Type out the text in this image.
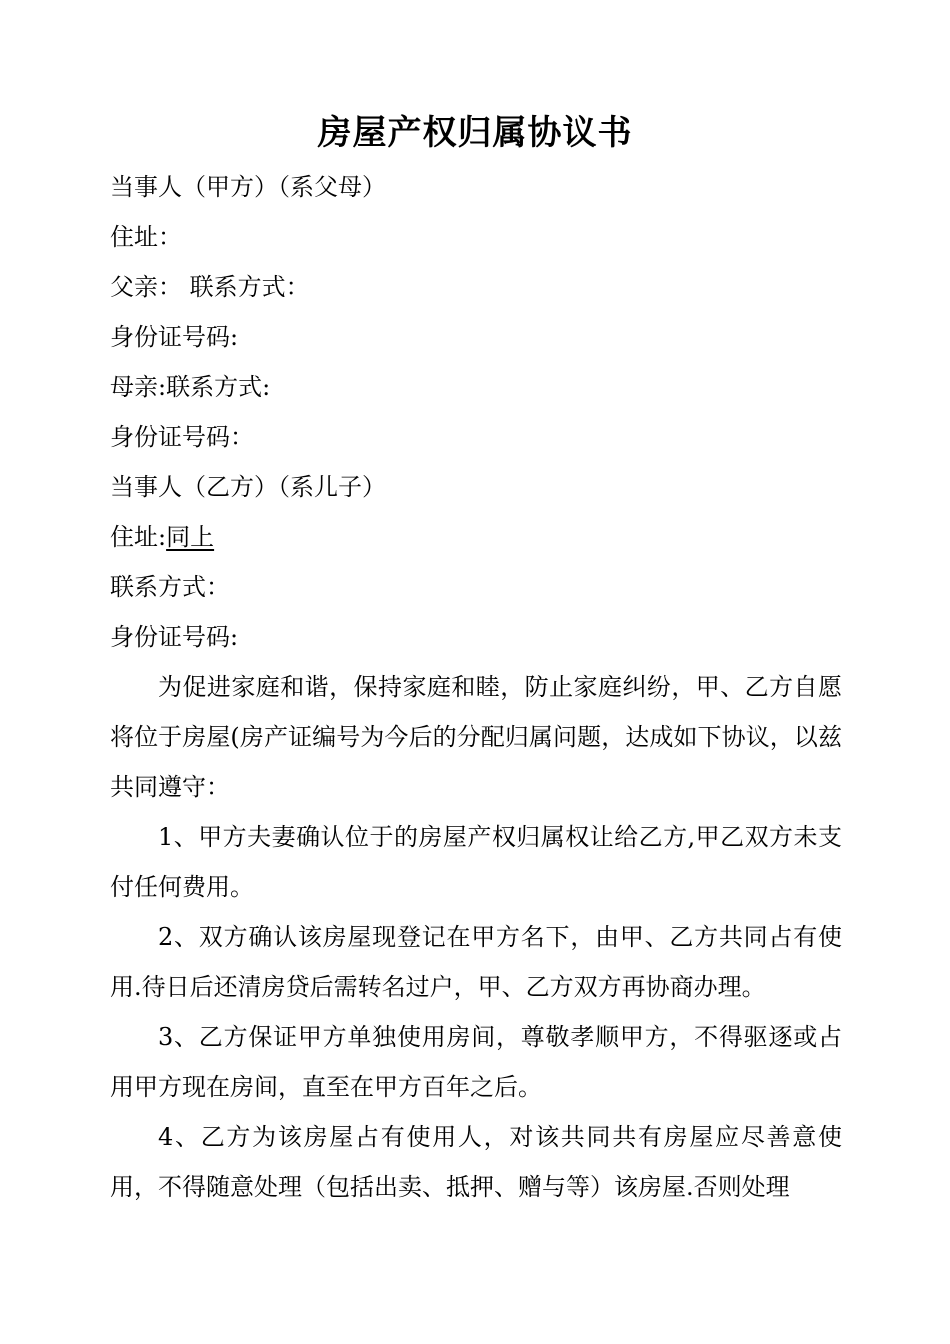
房屋产权归属协议书

当事人（甲方）（系父母）

住址：

父亲： 联系方式：

身份证号码:

母亲:联系方式:

身份证号码：

当事人（乙方）（系儿子）

住址:同上

联系方式：

身份证号码:

为促进家庭和谐，保持家庭和睦，防止家庭纠纷，甲、乙方自愿将位于房屋(房产证编号为今后的分配归属问题，达成如下协议，以兹共同遵守：

1、甲方夫妻确认位于的房屋产权归属权让给乙方,甲乙双方未支付任何费用。

2、双方确认该房屋现登记在甲方名下，由甲、乙方共同占有使用.待日后还清房贷后需转名过户，甲、乙方双方再协商办理。

3、乙方保证甲方单独使用房间，尊敬孝顺甲方，不得驱逐或占用甲方现在房间，直至在甲方百年之后。

4、乙方为该房屋占有使用人，对该共同共有房屋应尽善意使用，不得随意处理（包括出卖、抵押、赠与等）该房屋.否则处理
